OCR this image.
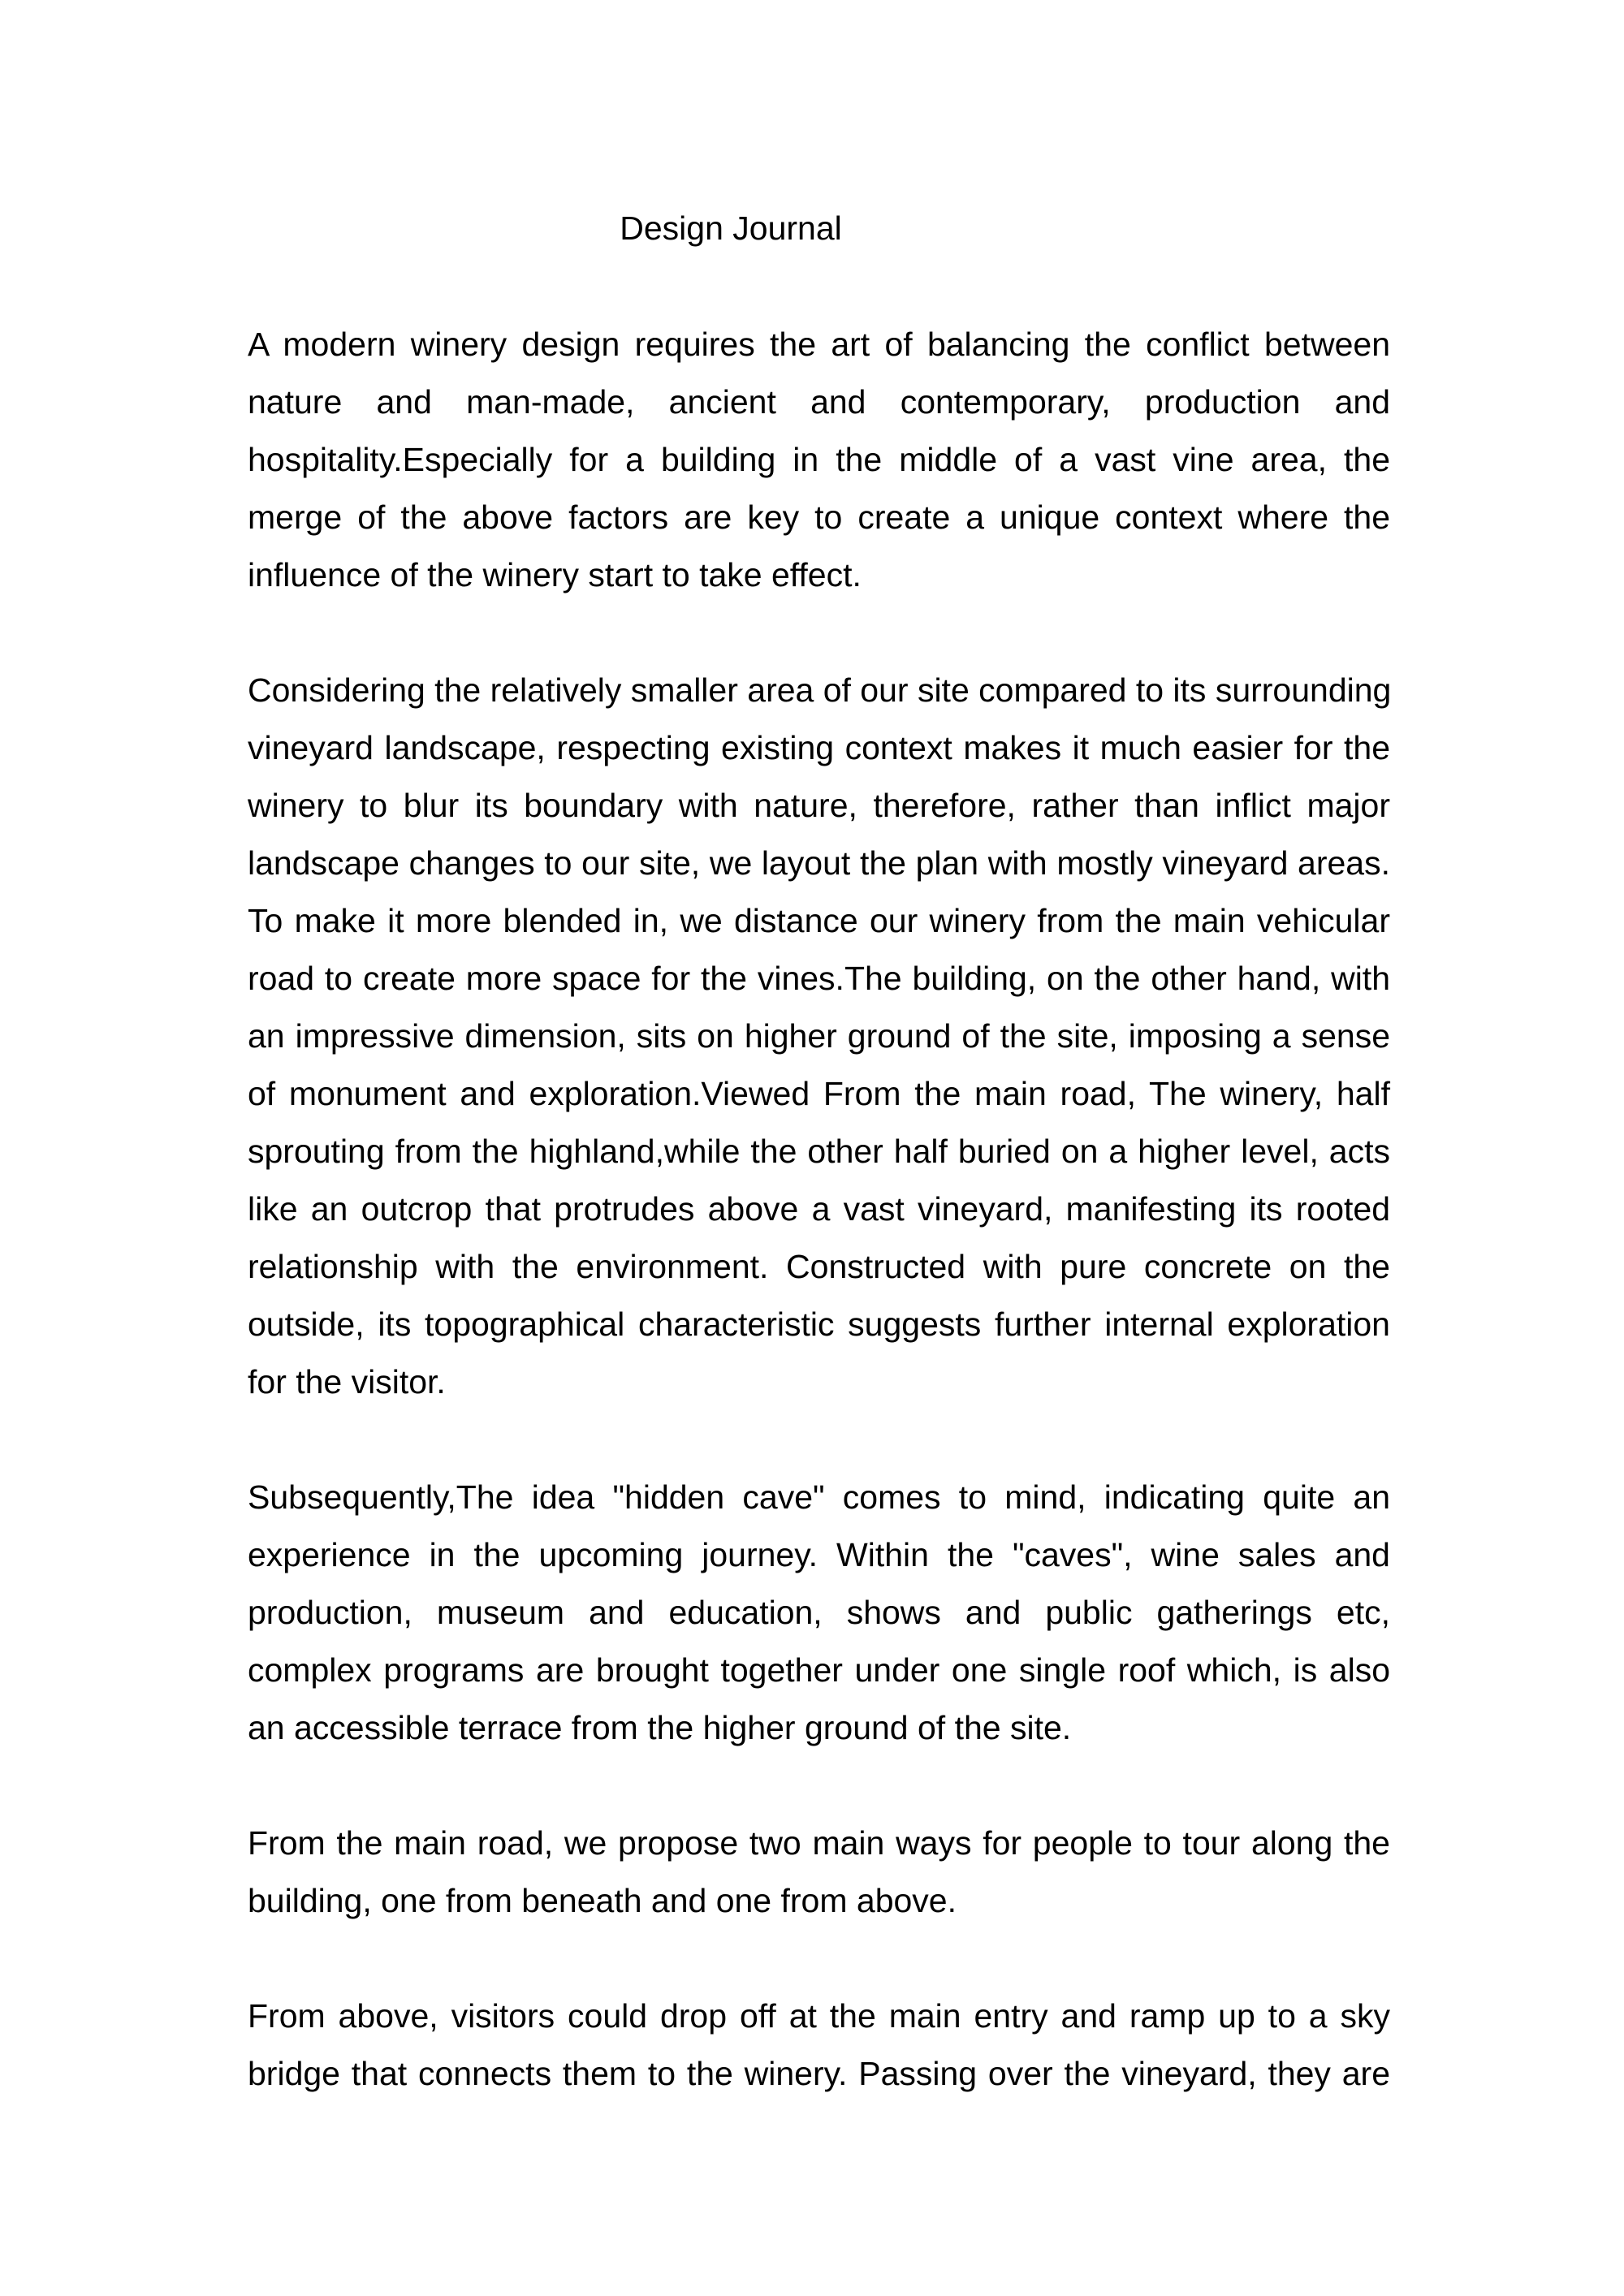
Design Journal

A modern winery design requires the art of balancing the conflict between
nature and man-made, ancient and contemporary, production and
hospitality.Especially for a building in the middle of a vast vine area, the
merge of the above factors are key to create a unique context where the
influence of the winery start to take effect.

Considering the relatively smaller area of our site compared to its surrounding
vineyard landscape, respecting existing context makes it much easier for the
winery to blur its boundary with nature, therefore, rather than inflict major
landscape changes to our site, we layout the plan with mostly vineyard areas.
To make it more blended in, we distance our winery from the main vehicular
road to create more space for the vines.The building, on the other hand, with
an impressive dimension, sits on higher ground of the site, imposing a sense
of monument and exploration.Viewed From the main road, The winery, half
sprouting from the highland,while the other half buried on a higher level, acts
like an outcrop that protrudes above a vast vineyard, manifesting its rooted
relationship with the environment. Constructed with pure concrete on the
outside, its topographical characteristic suggests further internal exploration
for the visitor.

Subsequently,The idea "hidden cave" comes to mind, indicating quite an
experience in the upcoming journey. Within the "caves", wine sales and
production, museum and education, shows and public gatherings etc,
complex programs are brought together under one single roof which, is also
an accessible terrace from the higher ground of the site.

From the main road, we propose two main ways for people to tour along the
building, one from beneath and one from above.

From above, visitors could drop off at the main entry and ramp up to a sky
bridge that connects them to the winery. Passing over the vineyard, they are
